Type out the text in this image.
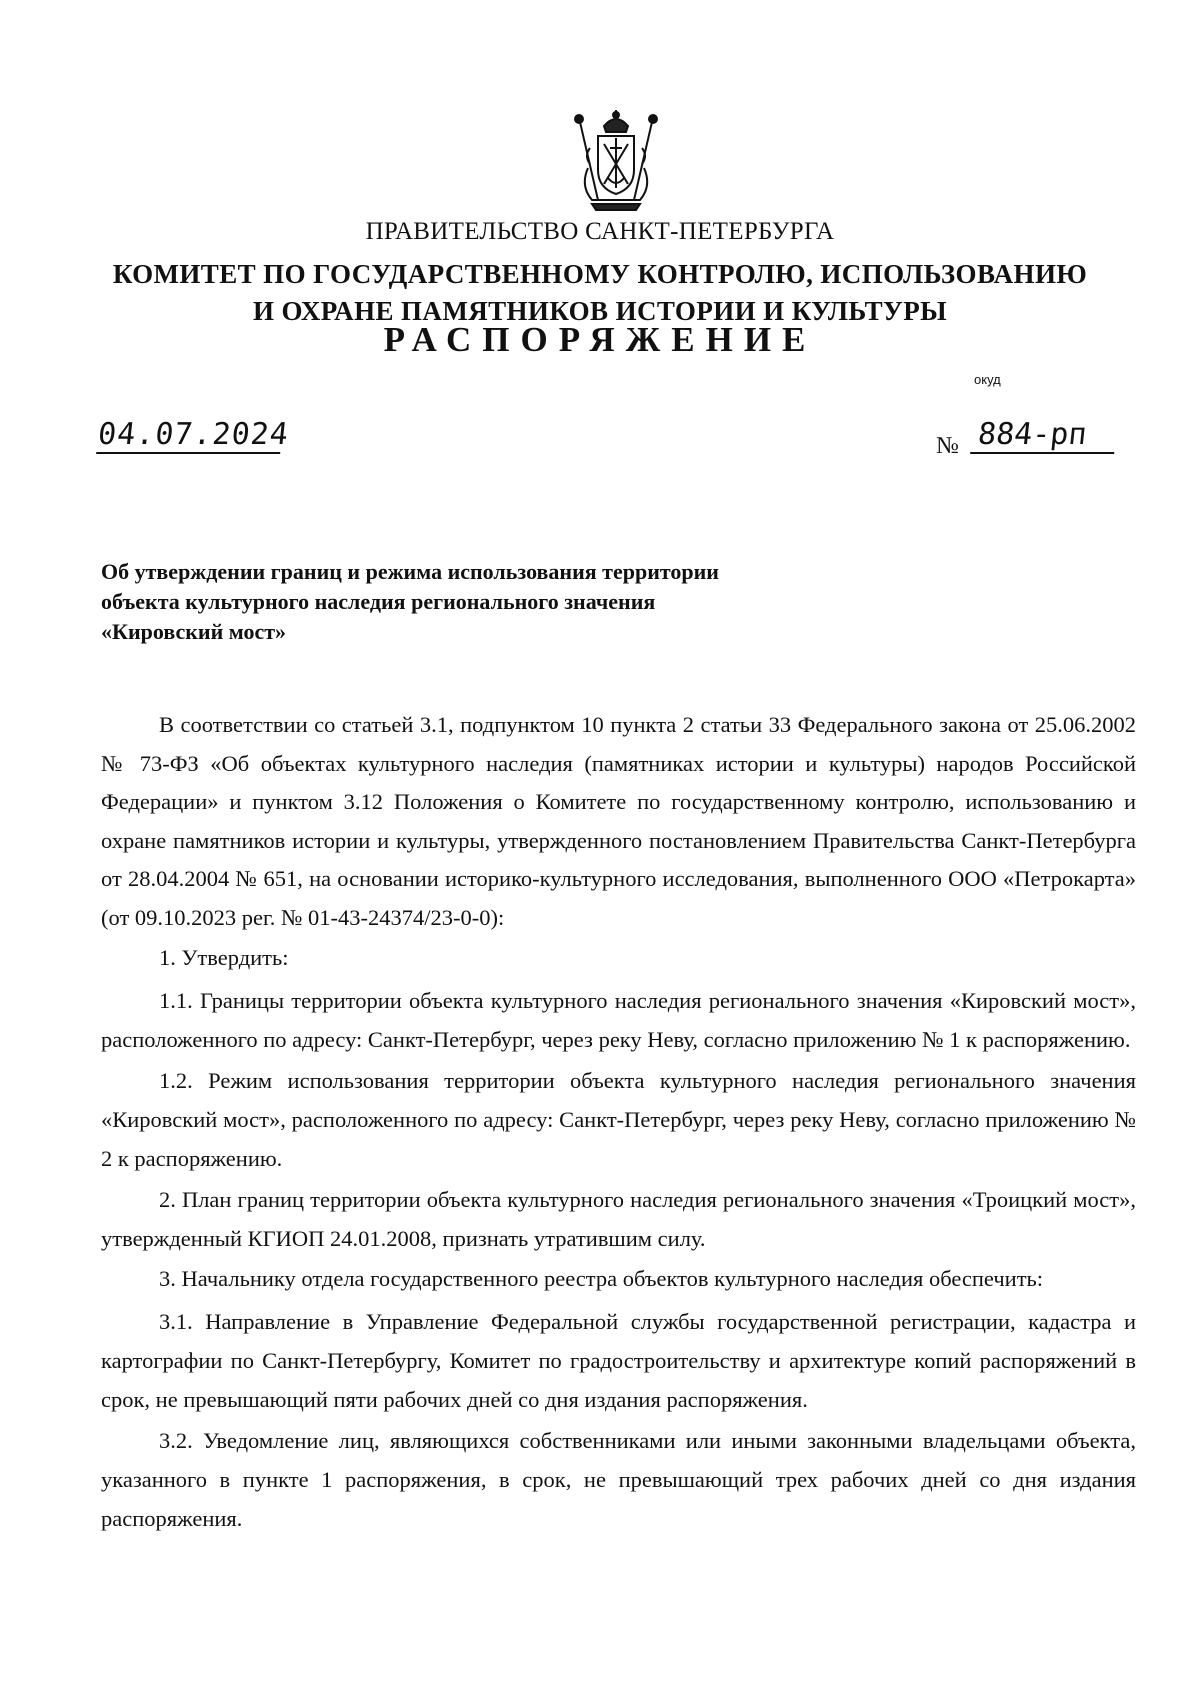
ПРАВИТЕЛЬСТВО САНКТ-ПЕТЕРБУРГА
КОМИТЕТ ПО ГОСУДАРСТВЕННОМУ КОНТРОЛЮ, ИСПОЛЬЗОВАНИЮ
И ОХРАНЕ ПАМЯТНИКОВ ИСТОРИИ И КУЛЬТУРЫ
РАСПОРЯЖЕНИЕ
окуд
04.07.2024	№ 884-рп
Об утверждении границ и режима использования территории
объекта культурного наследия регионального значения
«Кировский мост»

В соответствии со статьей 3.1, подпунктом 10 пункта 2 статьи 33 Федерального закона от 25.06.2002 № 73-ФЗ «Об объектах культурного наследия (памятниках истории и культуры) народов Российской Федерации» и пунктом 3.12 Положения о Комитете по государственному контролю, использованию и охране памятников истории и культуры, утвержденного постановлением Правительства Санкт-Петербурга от 28.04.2004 № 651, на основании историко-культурного исследования, выполненного ООО «Петрокарта» (от 09.10.2023 рег. № 01-43-24374/23-0-0):

1. Утвердить:

1.1. Границы территории объекта культурного наследия регионального значения «Кировский мост», расположенного по адресу: Санкт-Петербург, через реку Неву, согласно приложению № 1 к распоряжению.

1.2. Режим использования территории объекта культурного наследия регионального значения «Кировский мост», расположенного по адресу: Санкт-Петербург, через реку Неву, согласно приложению № 2 к распоряжению.

2. План границ территории объекта культурного наследия регионального значения «Троицкий мост», утвержденный КГИОП 24.01.2008, признать утратившим силу.

3. Начальнику отдела государственного реестра объектов культурного наследия обеспечить:

3.1. Направление в Управление Федеральной службы государственной регистрации, кадастра и картографии по Санкт-Петербургу, Комитет по градостроительству и архитектуре копий распоряжений в срок, не превышающий пяти рабочих дней со дня издания распоряжения.

3.2. Уведомление лиц, являющихся собственниками или иными законными владельцами объекта, указанного в пункте 1 распоряжения, в срок, не превышающий трех рабочих дней со дня издания распоряжения.
